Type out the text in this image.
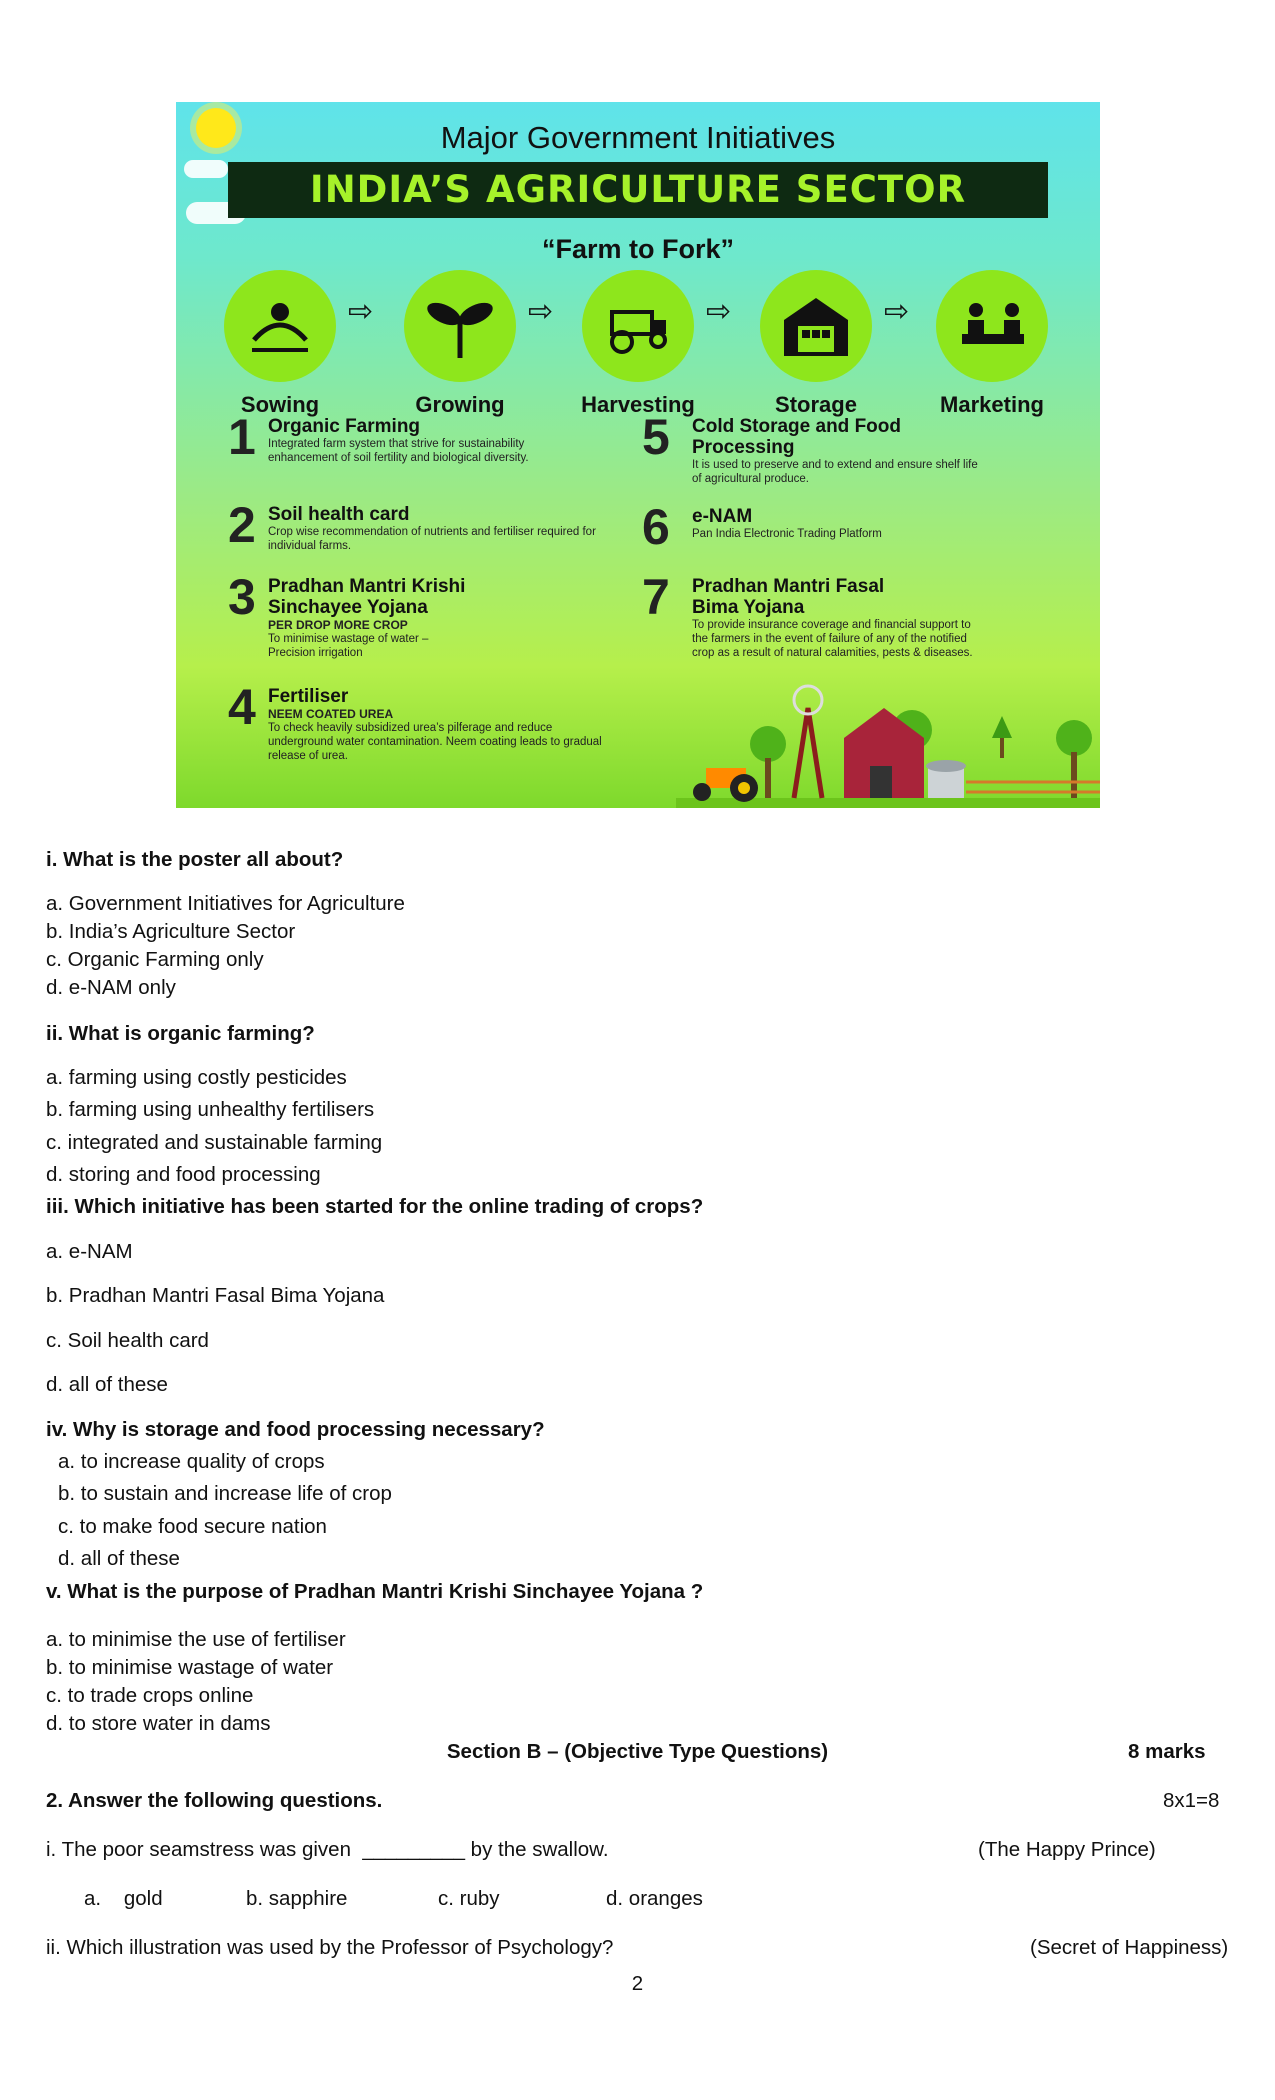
Major Government Initiatives
INDIA’S AGRICULTURE SECTOR
“Farm to Fork”
Sowing
⇨
Growing
⇨
Harvesting
⇨
Storage
⇨
Marketing
1 Organic Farming
Integrated farm system that strive for sustainability enhancement of soil fertility and biological diversity.
2 Soil health card
Crop wise recommendation of nutrients and fertiliser required for individual farms.
3 Pradhan Mantri Krishi Sinchayee Yojana
PER DROP MORE CROP
To minimise wastage of water – Precision irrigation
4 Fertiliser
NEEM COATED UREA
To check heavily subsidized urea’s pilferage and reduce underground water contamination. Neem coating leads to gradual release of urea.
5 Cold Storage and Food Processing
It is used to preserve and to extend and ensure shelf life of agricultural produce.
6 e-NAM
Pan India Electronic Trading Platform
7 Pradhan Mantri Fasal Bima Yojana
To provide insurance coverage and financial support to the farmers in the event of failure of any of the notified crop as a result of natural calamities, pests & diseases.
i. What is the poster all about?
a. Government Initiatives for Agriculture
b. India’s Agriculture Sector
c. Organic Farming only
d. e-NAM only
ii. What is organic farming?
a. farming using costly pesticides
b. farming using unhealthy fertilisers
c. integrated and sustainable farming
d. storing and food processing
iii. Which initiative has been started for the online trading of crops?
a. e-NAM
b. Pradhan Mantri Fasal Bima Yojana
c. Soil health card
d. all of these
iv. Why is storage and food processing necessary?
a. to increase quality of crops
b. to sustain and increase life of crop
c. to make food secure nation
d. all of these
v. What is the purpose of Pradhan Mantri Krishi Sinchayee Yojana ?
a. to minimise the use of fertiliser
b. to minimise wastage of water
c. to trade crops online
d. to store water in dams
Section B – (Objective Type Questions)	8 marks
2. Answer the following questions.	8x1=8
i. The poor seamstress was given  _________ by the swallow.	(The Happy Prince)
a.    gold	b. sapphire	c. ruby	d. oranges
ii. Which illustration was used by the Professor of Psychology?	(Secret of Happiness)
2
